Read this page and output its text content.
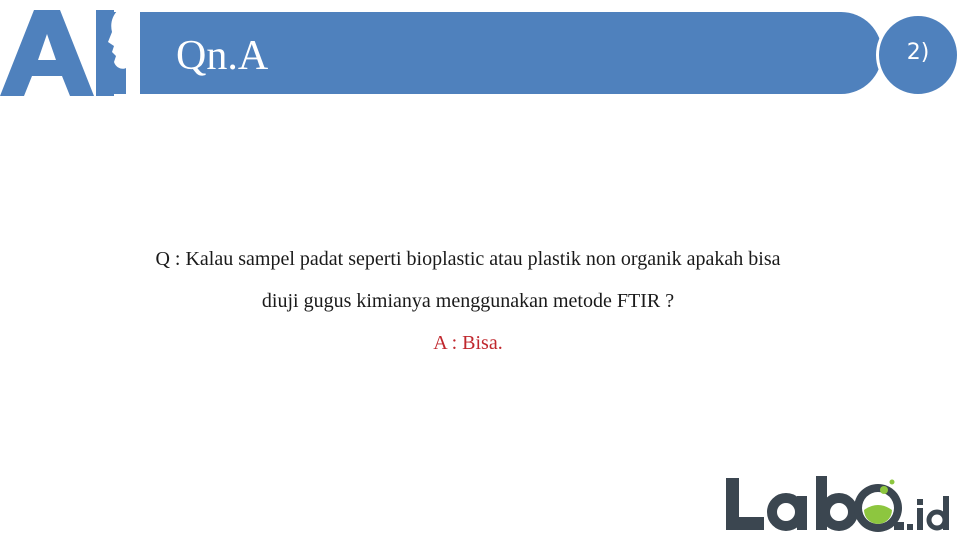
Qn.A	2)
Q : Kalau sampel padat seperti bioplastic atau plastik non organik apakah bisa
diuji gugus kimianya menggunakan metode FTIR ?
A : Bisa.
